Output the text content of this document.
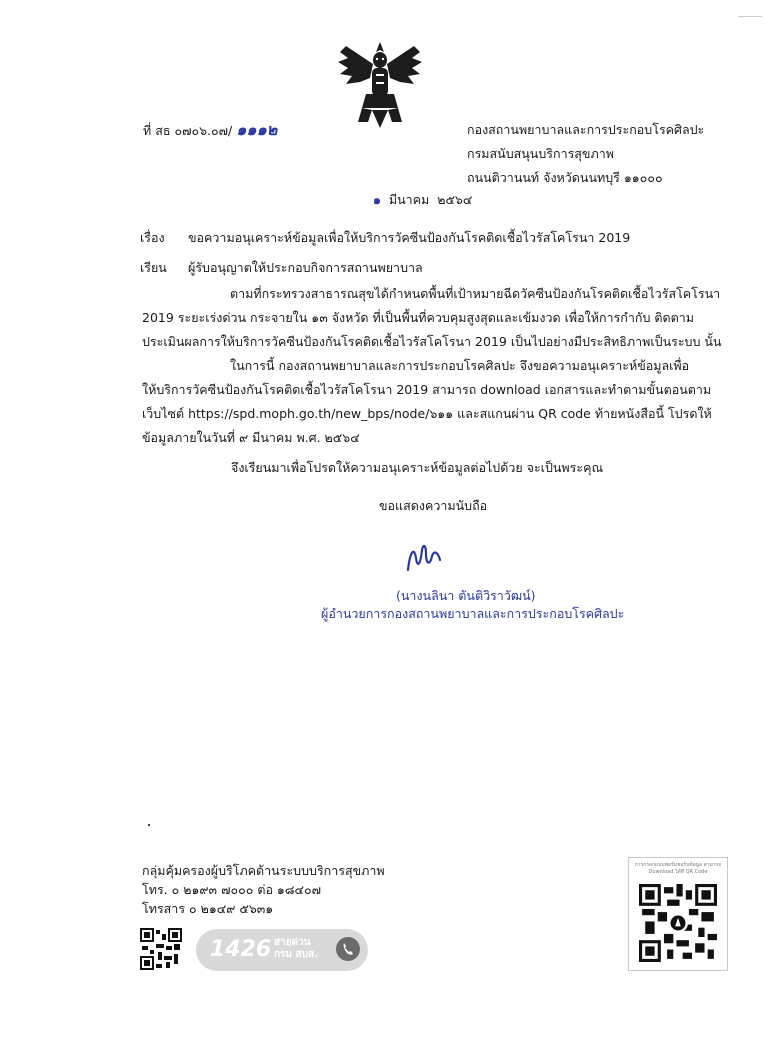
ที่ สธ ๐๗๐๖.๐๗/ ๑๑๑๒	กองสถานพยาบาลและการประกอบโรคศิลปะ
กรมสนับสนุนบริการสุขภาพ
ถนนติวานนท์ จังหวัดนนทบุรี ๑๑๐๐๐
๑  มีนาคม  ๒๕๖๔
เรื่อง ขอความอนุเคราะห์ข้อมูลเพื่อให้บริการวัคซีนป้องกันโรคติดเชื้อไวรัสโคโรนา 2019
เรียน ผู้รับอนุญาตให้ประกอบกิจการสถานพยาบาล
ตามที่กระทรวงสาธารณสุขได้กำหนดพื้นที่เป้าหมายฉีดวัคซีนป้องกันโรคติดเชื้อไวรัสโคโรนา
2019 ระยะเร่งด่วน กระจายใน ๑๓ จังหวัด ที่เป็นพื้นที่ควบคุมสูงสุดและเข้มงวด เพื่อให้การกำกับ ติดตาม
ประเมินผลการให้บริการวัคซีนป้องกันโรคติดเชื้อไวรัสโคโรนา 2019 เป็นไปอย่างมีประสิทธิภาพเป็นระบบ นั้น
ในการนี้ กองสถานพยาบาลและการประกอบโรคศิลปะ จึงขอความอนุเคราะห์ข้อมูลเพื่อ
ให้บริการวัคซีนป้องกันโรคติดเชื้อไวรัสโคโรนา 2019 สามารถ download เอกสารและทำตามขั้นตอนตาม
เว็บไซต์ https://spd.moph.go.th/new_bps/node/๖๑๑ และสแกนผ่าน QR code ท้ายหนังสือนี้ โปรดให้
ข้อมูลภายในวันที่ ๙ มีนาคม พ.ศ. ๒๕๖๔
จึงเรียนมาเพื่อโปรดให้ความอนุเคราะห์ข้อมูลต่อไปด้วย จะเป็นพระคุณ
ขอแสดงความนับถือ
(นางนลินา ตันติวิราวัฒน์)
ผู้อำนวยการกองสถานพยาบาลและการประกอบโรคศิลปะ
กลุ่มคุ้มครองผู้บริโภคด้านระบบบริการสุขภาพ
โทร. ๐ ๒๑๙๓ ๗๐๐๐ ต่อ ๑๘๔๐๗
โทรสาร ๐ ๒๑๔๙ ๕๖๓๑
1426 สายด่วน
กรม สบส.
การกรอกแบบฟอร์มขอรับข้อมูล สามารถ Download ได้ที่ QR Code
